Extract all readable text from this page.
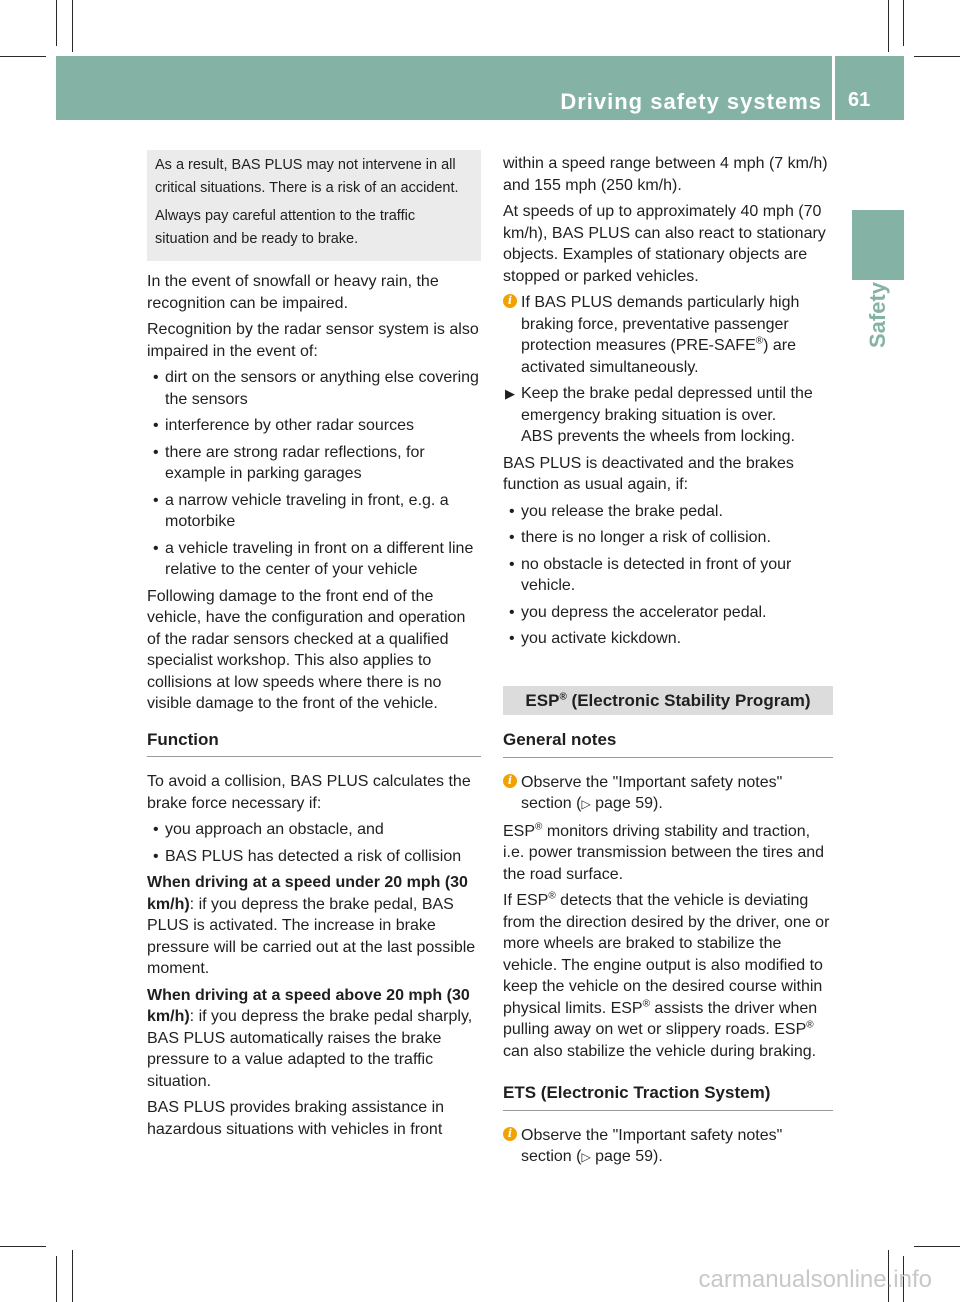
Driving safety systems 61
Safety

As a result, BAS PLUS may not intervene in all critical situations. There is a risk of an accident.

Always pay careful attention to the traffic situation and be ready to brake.

In the event of snowfall or heavy rain, the recognition can be impaired.

Recognition by the radar sensor system is also impaired in the event of:

• dirt on the sensors or anything else covering the sensors
• interference by other radar sources
• there are strong radar reflections, for example in parking garages
• a narrow vehicle traveling in front, e.g. a motorbike
• a vehicle traveling in front on a different line relative to the center of your vehicle

Following damage to the front end of the vehicle, have the configuration and operation of the radar sensors checked at a qualified specialist workshop. This also applies to collisions at low speeds where there is no visible damage to the front of the vehicle.

Function

To avoid a collision, BAS PLUS calculates the brake force necessary if:

• you approach an obstacle, and
• BAS PLUS has detected a risk of collision

When driving at a speed under 20 mph (30 km/h): if you depress the brake pedal, BAS PLUS is activated. The increase in brake pressure will be carried out at the last possible moment.

When driving at a speed above 20 mph (30 km/h): if you depress the brake pedal sharply, BAS PLUS automatically raises the brake pressure to a value adapted to the traffic situation.

BAS PLUS provides braking assistance in hazardous situations with vehicles in front

within a speed range between 4 mph (7 km/h) and 155 mph (250 km/h).

At speeds of up to approximately 40 mph (70 km/h), BAS PLUS can also react to stationary objects. Examples of stationary objects are stopped or parked vehicles.

i If BAS PLUS demands particularly high braking force, preventative passenger protection measures (PRE-SAFE®) are activated simultaneously.
▶ Keep the brake pedal depressed until the emergency braking situation is over.
ABS prevents the wheels from locking.

BAS PLUS is deactivated and the brakes function as usual again, if:

• you release the brake pedal.
• there is no longer a risk of collision.
• no obstacle is detected in front of your vehicle.
• you depress the accelerator pedal.
• you activate kickdown.
ESP® (Electronic Stability Program)
General notes
i Observe the "Important safety notes" section (▷ page 59).

ESP® monitors driving stability and traction, i.e. power transmission between the tires and the road surface.

If ESP® detects that the vehicle is deviating from the direction desired by the driver, one or more wheels are braked to stabilize the vehicle. The engine output is also modified to keep the vehicle on the desired course within physical limits. ESP® assists the driver when pulling away on wet or slippery roads. ESP® can also stabilize the vehicle during braking.

ETS (Electronic Traction System)
i Observe the "Important safety notes" section (▷ page 59).
carmanualsonline.info
